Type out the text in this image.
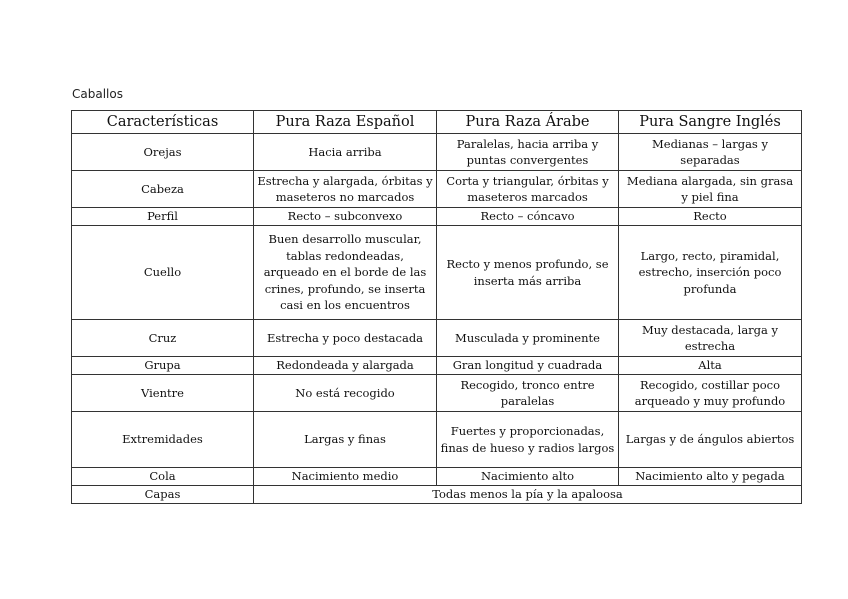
Caballos
Características	Pura Raza Español	Pura Raza Árabe	Pura Sangre Inglés
Orejas	Hacia arriba	Paralelas, hacia arriba y puntas convergentes	Medianas – largas y separadas
Cabeza	Estrecha y alargada, órbitas y maseteros no marcados	Corta y triangular, órbitas y maseteros marcados	Mediana alargada, sin grasa y piel fina
Perfil	Recto – subconvexo	Recto – cóncavo	Recto
Cuello	Buen desarrollo muscular, tablas redondeadas, arqueado en el borde de las crines, profundo, se inserta casi en los encuentros	Recto y menos profundo, se inserta más arriba	Largo, recto, piramidal, estrecho, inserción poco profunda
Cruz	Estrecha y poco destacada	Musculada y prominente	Muy destacada, larga y estrecha
Grupa	Redondeada y alargada	Gran longitud y cuadrada	Alta
Vientre	No está recogido	Recogido, tronco entre paralelas	Recogido, costillar poco arqueado y muy profundo
Extremidades	Largas y finas	Fuertes y proporcionadas, finas de hueso y radios largos	Largas y de ángulos abiertos
Cola	Nacimiento medio	Nacimiento alto	Nacimiento alto y pegada
Capas	Todas menos la pía y la apaloosa		
